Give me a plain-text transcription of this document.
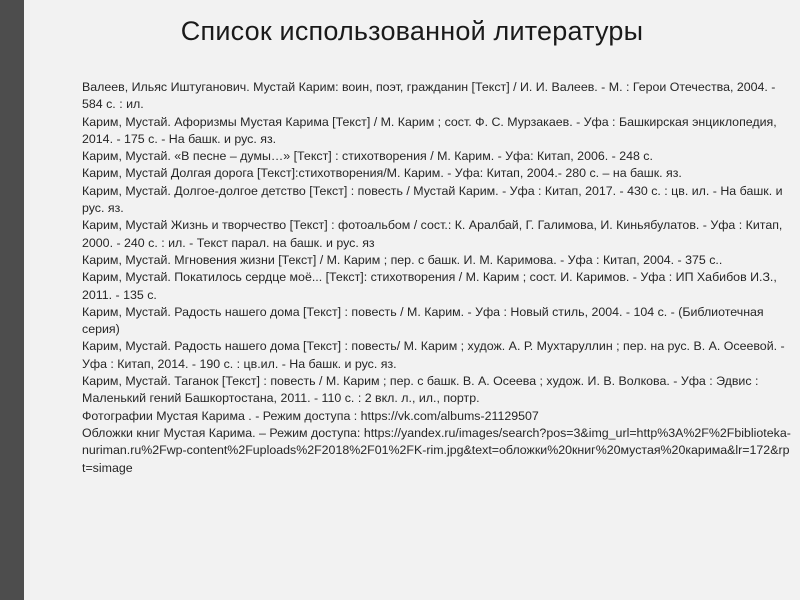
Список использованной литературы

Валеев, Ильяс Иштуганович. Мустай Карим: воин, поэт, гражданин [Текст] / И. И. Валеев. - М. : Герои Отечества, 2004. - 584 с. : ил.

Карим, Мустай. Афоризмы Мустая Карима [Текст] / М. Карим ; сост. Ф. С. Мурзакаев. - Уфа : Башкирская энциклопедия, 2014. - 175 с. - На башк. и рус. яз.

Карим, Мустай. «В песне – думы…» [Текст] : стихотворения / М. Карим. - Уфа: Китап, 2006. - 248 с.

Карим, Мустай Долгая дорога [Текст]:стихотворения/М. Карим. - Уфа: Китап, 2004.- 280 с. – на башк. яз.

Карим, Мустай. Долгое-долгое детство [Текст] : повесть / Мустай Карим. - Уфа : Китап, 2017. - 430 с. : цв. ил. - На башк. и рус. яз.

Карим, Мустай Жизнь и творчество [Текст] : фотоальбом / сост.: К. Аралбай, Г. Галимова, И. Киньябулатов. - Уфа : Китап, 2000. - 240 с. : ил. - Текст парал. на башк. и рус. яз

Карим, Мустай. Мгновения жизни [Текст] / М. Карим ; пер. с башк. И. М. Каримова. - Уфа : Китап, 2004. - 375 с..

Карим, Мустай. Покатилось сердце моё... [Текст]: стихотворения / М. Карим ; сост. И. Каримов. - Уфа : ИП Хабибов И.З., 2011. - 135 с.

Карим, Мустай. Радость нашего дома [Текст] : повесть / М. Карим. - Уфа : Новый стиль, 2004. - 104 с. - (Библиотечная серия)

Карим, Мустай. Радость нашего дома [Текст] : повесть/ М. Карим ; худож. А. Р. Мухтаруллин ; пер. на рус. В. А. Осеевой. - Уфа : Китап, 2014. - 190 с. : цв.ил. - На башк. и рус. яз.

Карим, Мустай. Таганок [Текст] : повесть / М. Карим ; пер. с башк. В. А. Осеева ; худож. И. В. Волкова. - Уфа : Эдвис : Маленький гений Башкортостана, 2011. - 110 с. : 2 вкл. л., ил., портр.

Фотографии Мустая Карима . - Режим доступа : https://vk.com/albums-21129507

Обложки книг Мустая Карима. – Режим доступа: https://yandex.ru/images/search?pos=3&img_url=http%3A%2F%2Fbiblioteka-nuriman.ru%2Fwp-content%2Fuploads%2F2018%2F01%2FK-rim.jpg&text=обложки%20книг%20мустая%20карима&lr=172&rpt=simage
